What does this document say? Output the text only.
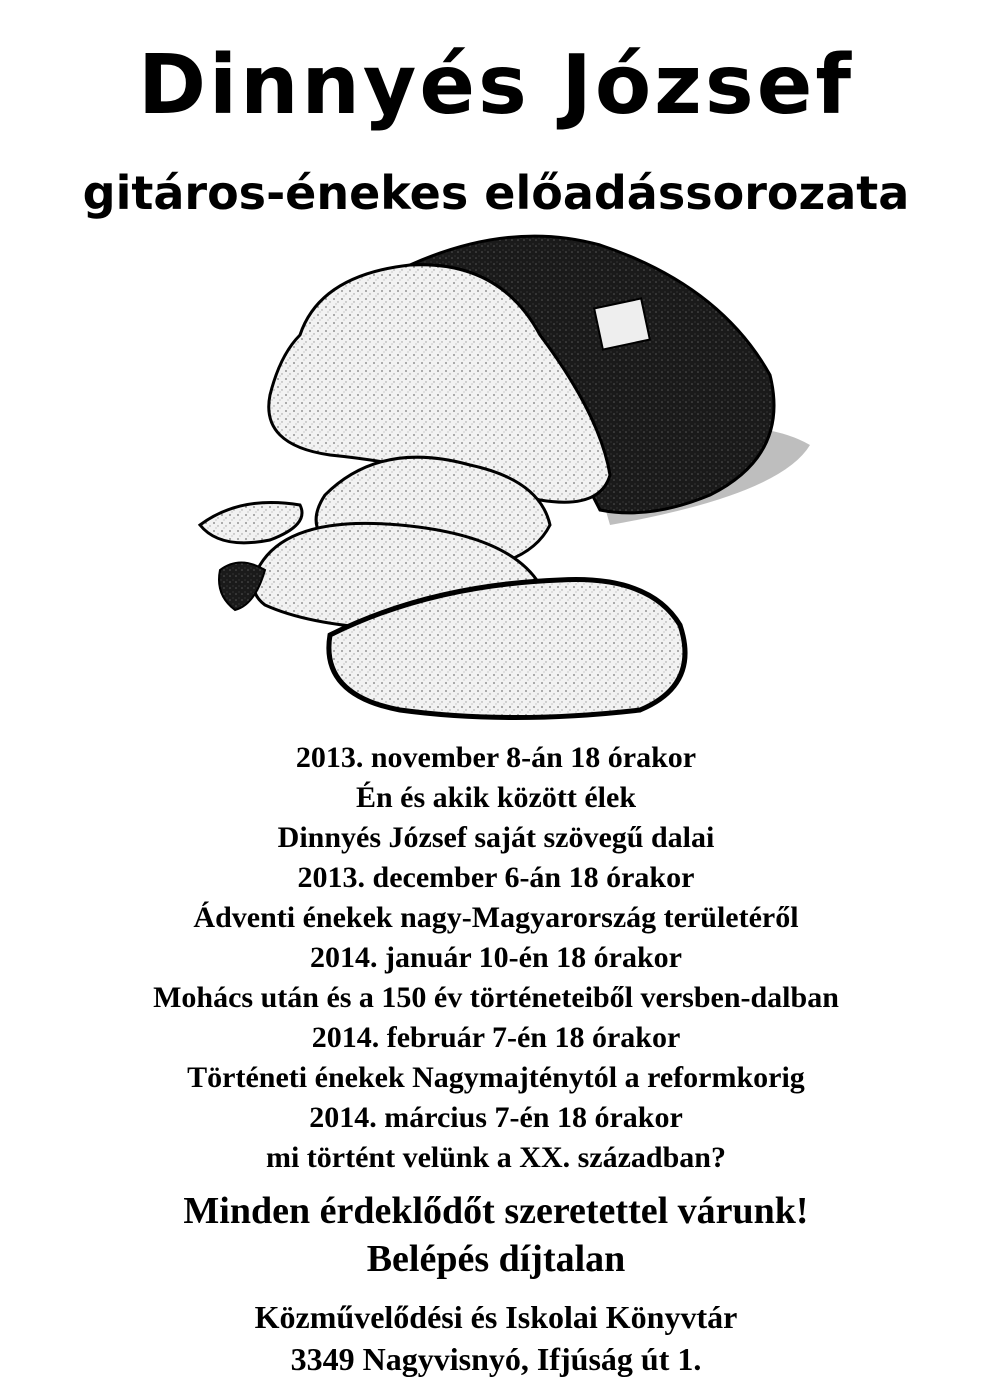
Dinnyés József
gitáros-énekes előadássorozata
2013. november 8-án 18 órakor
Én és akik között élek
Dinnyés József saját szövegű dalai
2013. december 6-án 18 órakor
Ádventi énekek nagy-Magyarország területéről
2014. január 10-én 18 órakor
Mohács után és a 150 év történeteiből versben-dalban
2014. február 7-én 18 órakor
Történeti énekek Nagymajténytól a reformkorig
2014. március 7-én 18 órakor
mi történt velünk a XX. században?
Minden érdeklődőt szeretettel várunk!
Belépés díjtalan
Közművelődési és Iskolai Könyvtár
3349 Nagyvisnyó, Ifjúság út 1.
